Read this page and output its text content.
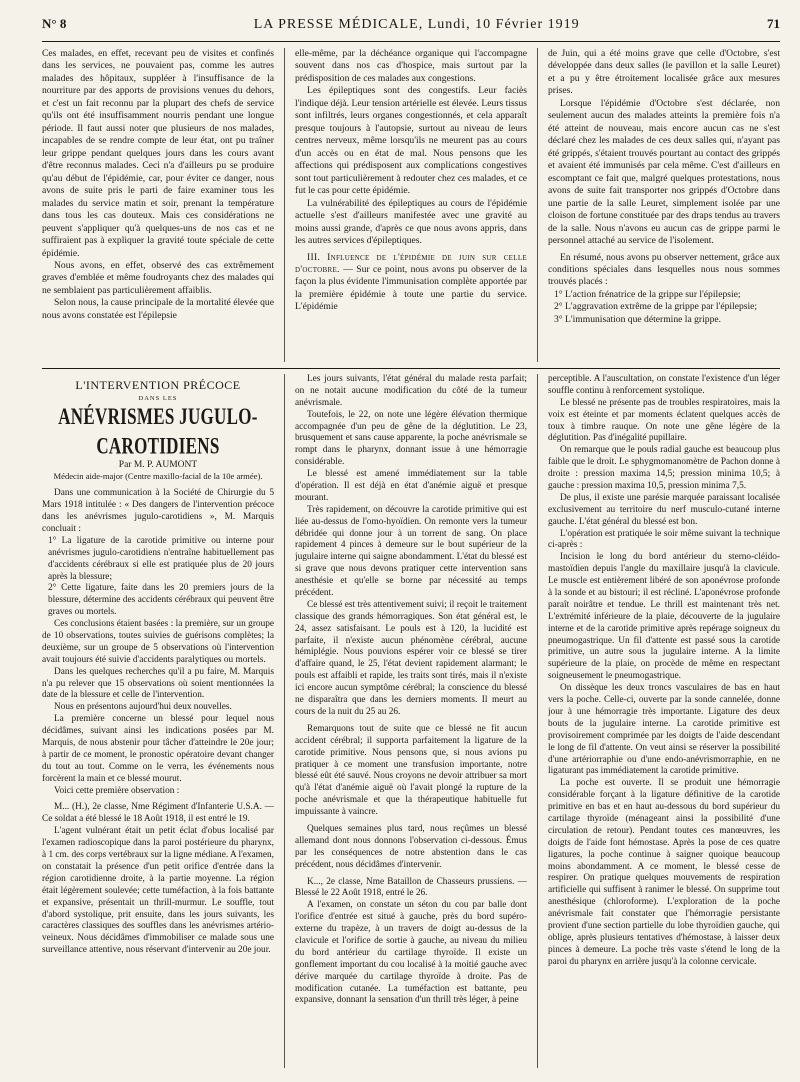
N° 8	LA PRESSE MÉDICALE, Lundi, 10 Février 1919	71

Ces malades, en effet, recevant peu de visites et confinés dans les services, ne pouvaient pas, comme les autres malades des hôpitaux, suppléer à l'insuffisance de la nourriture par des apports de provisions venues du dehors, et c'est un fait reconnu par la plupart des chefs de service qu'ils ont été insuffisamment nourris pendant une longue période. Il faut aussi noter que plusieurs de nos malades, incapables de se rendre compte de leur état, ont pu traîner leur grippe pendant quelques jours dans les cours avant d'être reconnus malades. Ceci n'a d'ailleurs pu se produire qu'au début de l'épidémie, car, pour éviter ce danger, nous avons de suite pris le parti de faire examiner tous les malades du service matin et soir, prenant la température dans tous les cas douteux. Mais ces considérations ne peuvent s'appliquer qu'à quelques-uns de nos cas et ne suffiraient pas à expliquer la gravité toute spéciale de cette épidémie.

Nous avons, en effet, observé des cas extrêmement graves d'emblée et même foudroyants chez des malades qui ne semblaient pas particulièrement affaiblis.

Selon nous, la cause principale de la mortalité élevée que nous avons constatée est l'épilepsie

elle-même, par la déchéance organique qui l'accompagne souvent dans nos cas d'hospice, mais surtout par la prédisposition de ces malades aux congestions.

Les épileptiques sont des congestifs. Leur faciès l'indique déjà. Leur tension artérielle est élevée. Leurs tissus sont infiltrés, leurs organes congestionnés, et cela apparaît presque toujours à l'autopsie, surtout au niveau de leurs centres nerveux, même lorsqu'ils ne meurent pas au cours d'un accès ou en état de mal. Nous pensons que les affections qui prédisposent aux complications congestives sont tout particulièrement à redouter chez ces malades, et ce fut le cas pour cette épidémie.

La vulnérabilité des épileptiques au cours de l'épidémie actuelle s'est d'ailleurs manifestée avec une gravité au moins aussi grande, d'après ce que nous avons appris, dans les autres services d'épileptiques.

III. Influence de l'épidémie de juin sur celle d'octobre. — Sur ce point, nous avons pu observer de la façon la plus évidente l'immunisation complète apportée par la première épidémie à toute une partie du service. L'épidémie

de Juin, qui a été moins grave que celle d'Octobre, s'est développée dans deux salles (le pavillon et la salle Leuret) et a pu y être étroitement localisée grâce aux mesures prises.

Lorsque l'épidémie d'Octobre s'est déclarée, non seulement aucun des malades atteints la première fois n'a été atteint de nouveau, mais encore aucun cas ne s'est déclaré chez les malades de ces deux salles qui, n'ayant pas été grippés, s'étaient trouvés pourtant au contact des grippés et avaient été immunisés par cela même. C'est d'ailleurs en escomptant ce fait que, malgré quelques protestations, nous avons de suite fait transporter nos grippés d'Octobre dans une partie de la salle Leuret, simplement isolée par une cloison de fortune constituée par des draps tendus au travers de la salle. Nous n'avons eu aucun cas de grippe parmi le personnel attaché au service de l'isolement.

En résumé, nous avons pu observer nettement, grâce aux conditions spéciales dans lesquelles nous nous sommes trouvés placés :

1° L'action frénatrice de la grippe sur l'épilepsie;

2° L'aggravation extrême de la grippe par l'épilepsie;

3° L'immunisation que détermine la grippe.

L'INTERVENTION PRÉCOCE
DANS LES
ANÉVRISMES JUGULO-CAROTIDIENS
Par M. P. AUMONT
Médecin aide-major (Centre maxillo-facial de la 10e armée).

Dans une communication à la Société de Chirurgie du 5 Mars 1918 intitulée : « Des dangers de l'intervention précoce dans les anévrismes jugulo-carotidiens », M. Marquis concluait :

1° La ligature de la carotide primitive ou interne pour anévrismes jugulo-carotidiens n'entraîne habituellement pas d'accidents cérébraux si elle est pratiquée plus de 20 jours après la blessure;

2° Cette ligature, faite dans les 20 premiers jours de la blessure, détermine des accidents cérébraux qui peuvent être graves ou mortels.

Ces conclusions étaient basées : la première, sur un groupe de 10 observations, toutes suivies de guérisons complètes; la deuxième, sur un groupe de 5 observations où l'intervention avait toujours été suivie d'accidents paralytiques ou mortels.

Dans les quelques recherches qu'il a pu faire, M. Marquis n'a pu relever que 15 observations où soient mentionnées la date de la blessure et celle de l'intervention.

Nous en présentons aujourd'hui deux nouvelles.

La première concerne un blessé pour lequel nous décidâmes, suivant ainsi les indications posées par M. Marquis, de nous abstenir pour tâcher d'atteindre le 20e jour; à partir de ce moment, le pronostic opératoire devant changer du tout au tout. Comme on le verra, les événements nous forcèrent la main et ce blessé mourut.

Voici cette première observation :

M... (H.), 2e classe, Nme Régiment d'Infanterie U.S.A. — Ce soldat a été blessé le 18 Août 1918, il est entré le 19.

L'agent vulnérant était un petit éclat d'obus localisé par l'examen radioscopique dans la paroi postérieure du pharynx, à 1 cm. des corps vertébraux sur la ligne médiane. A l'examen, on constatait la présence d'un petit orifice d'entrée dans la région carotidienne droite, à la partie moyenne. La région était légèrement soulevée; cette tuméfaction, à la fois battante et expansive, présentait un thrill-murmur. Le souffle, tout d'abord systolique, prit ensuite, dans les jours suivants, les caractères classiques des souffles dans les anévrismes artério-veineux. Nous décidâmes d'immobiliser ce malade sous une surveillance attentive, nous réservant d'intervenir au 20e jour.

Les jours suivants, l'état général du malade resta parfait; on ne notait aucune modification du côté de la tumeur anévrismale.

Toutefois, le 22, on note une légère élévation thermique accompagnée d'un peu de gêne de la déglutition. Le 23, brusquement et sans cause apparente, la poche anévrismale se rompt dans le pharynx, donnant issue à une hémorragie considérable.

Le blessé est amené immédiatement sur la table d'opération. Il est déjà en état d'anémie aiguë et presque mourant.

Très rapidement, on découvre la carotide primitive qui est liée au-dessus de l'omo-hyoïdien. On remonte vers la tumeur débridée qui donne jour à un torrent de sang. On place rapidement 4 pinces à demeure sur le bout supérieur de la jugulaire interne qui saigne abondamment. L'état du blessé est si grave que nous devons pratiquer cette intervention sans anesthésie et qu'elle se borne par nécessité au temps précédent.

Ce blessé est très attentivement suivi; il reçoit le traitement classique des grands hémorragiques. Son état général est, le 24, assez satisfaisant. Le pouls est à 120, la lucidité est parfaite, il n'existe aucun phénomène cérébral, aucune hémiplégie. Nous pouvions espérer voir ce blessé se tirer d'affaire quand, le 25, l'état devient rapidement alarmant; le pouls est affaibli et rapide, les traits sont tirés, mais il n'existe ici encore aucun symptôme cérébral; la conscience du blessé ne disparaîtra que dans les derniers moments. Il meurt au cours de la nuit du 25 au 26.

Remarquons tout de suite que ce blessé ne fit aucun accident cérébral; il supporta parfaitement la ligature de la carotide primitive. Nous pensons que, si nous avions pu pratiquer à ce moment une transfusion importante, notre blessé eût été sauvé. Nous croyons ne devoir attribuer sa mort qu'à l'état d'anémie aiguë où l'avait plongé la rupture de la poche anévrismale et que la thérapeutique habituelle fut impuissante à vaincre.

Quelques semaines plus tard, nous reçûmes un blessé allemand dont nous donnons l'observation ci-dessous. Émus par les conséquences de notre abstention dans le cas précédent, nous décidâmes d'intervenir.

K..., 2e classe, Nme Bataillon de Chasseurs prussiens. — Blessé le 22 Août 1918, entré le 26.

A l'examen, on constate un séton du cou par balle dont l'orifice d'entrée est situé à gauche, près du bord supéro-externe du trapèze, à un travers de doigt au-dessus de la clavicule et l'orifice de sortie à gauche, au niveau du milieu du bord antérieur du cartilage thyroïde. Il existe un gonflement important du cou localisé à la moitié gauche avec dérive marquée du cartilage thyroïde à droite. Pas de modification cutanée. La tuméfaction est battante, peu expansive, donnant la sensation d'un thrill très léger, à peine

perceptible. A l'auscultation, on constate l'existence d'un léger souffle continu à renforcement systolique.

Le blessé ne présente pas de troubles respiratoires, mais la voix est éteinte et par moments éclatent quelques accès de toux à timbre rauque. On note une gêne légère de la déglutition. Pas d'inégalité pupillaire.

On remarque que le pouls radial gauche est beaucoup plus faible que le droit. Le sphygmomanomètre de Pachon donne à droite : pression maxima 14,5; pression minima 10,5; à gauche : pression maxima 10,5, pression minima 7,5.

De plus, il existe une parésie marquée paraissant localisée exclusivement au territoire du nerf musculo-cutané interne gauche. L'état général du blessé est bon.

L'opération est pratiquée le soir même suivant la technique ci-après :

Incision le long du bord antérieur du sterno-cléido-mastoïdien depuis l'angle du maxillaire jusqu'à la clavicule. Le muscle est entièrement libéré de son aponévrose profonde à la sonde et au bistouri; il est récliné. L'aponévrose profonde paraît noirâtre et tendue. Le thrill est maintenant très net. L'extrémité inférieure de la plaie, découverte de la jugulaire interne et de la carotide primitive après repérage soigneux du pneumogastrique. Un fil d'attente est passé sous la carotide primitive, un autre sous la jugulaire interne. A la limite supérieure de la plaie, on procède de même en respectant soigneusement le pneumogastrique.

On dissèque les deux troncs vasculaires de bas en haut vers la poche. Celle-ci, ouverte par la sonde cannelée, donne jour à une hémorragie très importante. Ligature des deux bouts de la jugulaire interne. La carotide primitive est provisoirement comprimée par les doigts de l'aide descendant le long de fil d'attente. On veut ainsi se réserver la possibilité d'une artériorraphie ou d'une endo-anévrismorraphie, en ne ligaturant pas immédiatement la carotide primitive.

La poche est ouverte. Il se produit une hémorragie considérable forçant à la ligature définitive de la carotide primitive en bas et en haut au-dessous du bord supérieur du cartilage thyroïde (ménageant ainsi la possibilité d'une circulation de retour). Pendant toutes ces manœuvres, les doigts de l'aide font hémostase. Après la pose de ces quatre ligatures, la poche continue à saigner quoique beaucoup moins abondamment. A ce moment, le blessé cesse de respirer. On pratique quelques mouvements de respiration artificielle qui suffisent à ranimer le blessé. On supprime tout anesthésique (chloroforme). L'exploration de la poche anévrismale fait constater que l'hémorragie persistante provient d'une section partielle du lobe thyroïdien gauche, qui oblige, après plusieurs tentatives d'hémostase, à laisser deux pinces à demeure. La poche très vaste s'étend le long de la paroi du pharynx en arrière jusqu'à la colonne cervicale.
